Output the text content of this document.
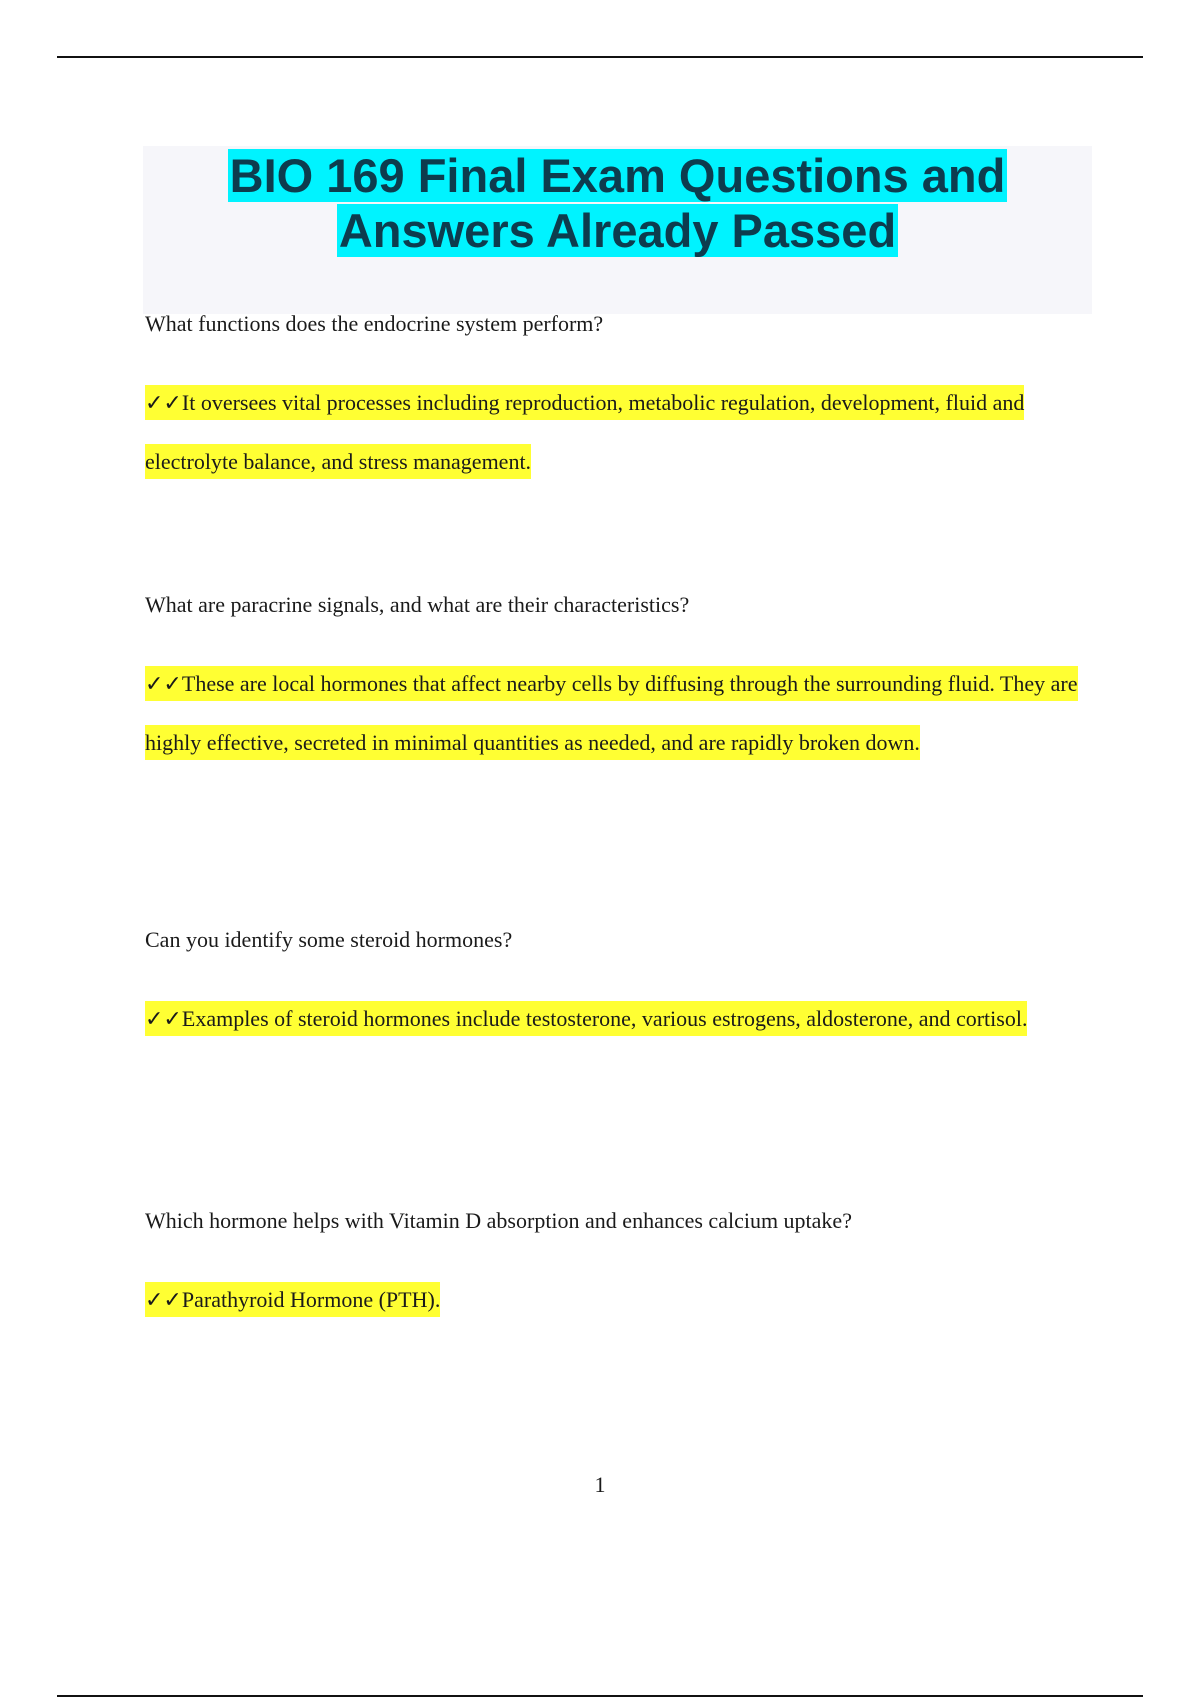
BIO 169 Final Exam Questions and
Answers Already Passed
What functions does the endocrine system perform?
✓✓It oversees vital processes including reproduction, metabolic regulation, development, fluid and electrolyte balance, and stress management.
What are paracrine signals, and what are their characteristics?
✓✓These are local hormones that affect nearby cells by diffusing through the surrounding fluid. They are highly effective, secreted in minimal quantities as needed, and are rapidly broken down.
Can you identify some steroid hormones?
✓✓Examples of steroid hormones include testosterone, various estrogens, aldosterone, and cortisol.
Which hormone helps with Vitamin D absorption and enhances calcium uptake?
✓✓Parathyroid Hormone (PTH).
1
